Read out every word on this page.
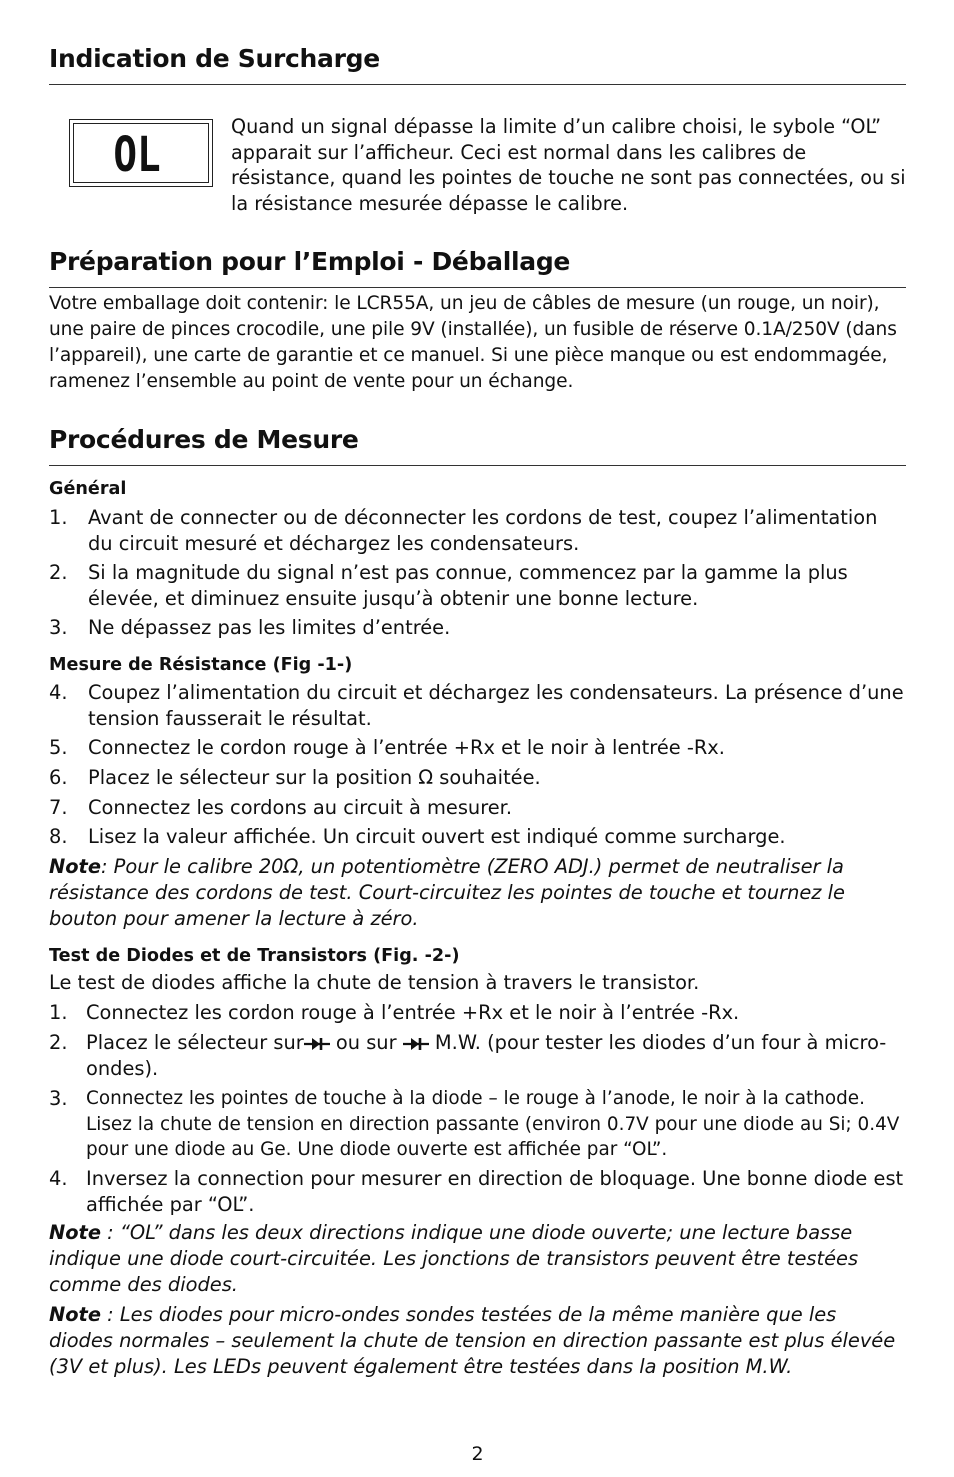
Indication de Surcharge
OL
Quand un signal dépasse la limite d’un calibre choisi, le sybole “OL” apparait sur l’afficheur. Ceci est normal dans les calibres de résistance, quand les pointes de touche ne sont pas connectées, ou si la résistance mesurée dépasse le calibre.
Préparation pour l’Emploi - Déballage
Votre emballage doit contenir: le LCR55A, un jeu de câbles de mesure (un rouge, un noir), une paire de pinces crocodile, une pile 9V (installée), un fusible de réserve 0.1A/250V (dans l’appareil), une carte de garantie et ce manuel. Si une pièce manque ou est endommagée, ramenez l’ensemble au point de vente pour un échange.
Procédures de Mesure
Général
1. Avant de connecter ou de déconnecter les cordons de test, coupez l’alimentation du circuit mesuré et déchargez les condensateurs.
2. Si la magnitude du signal n’est pas connue, commencez par la gamme la plus élevée, et diminuez ensuite jusqu’à obtenir une bonne lecture.
3. Ne dépassez pas les limites d’entrée.
Mesure de Résistance (Fig -1-)
4. Coupez l’alimentation du circuit et déchargez les condensateurs. La présence d’une tension fausserait le résultat.
5. Connectez le cordon rouge à l’entrée +Rx et le noir à lentrée -Rx.
6. Placez le sélecteur sur la position Ω souhaitée.
7. Connectez les cordons au circuit à mesurer.
8. Lisez la valeur affichée. Un circuit ouvert est indiqué comme surcharge.
Note: Pour le calibre 20Ω, un potentiomètre (ZERO ADJ.) permet de neutraliser la résistance des cordons de test. Court-circuitez les pointes de touche et tournez le bouton pour amener la lecture à zéro.
Test de Diodes et de Transistors (Fig. -2-)
Le test de diodes affiche la chute de tension à travers le transistor.
1. Connectez les cordon rouge à l’entrée +Rx et le noir à l’entrée -Rx.
2. Placez le sélecteur sur ou sur M.W. (pour tester les diodes d’un four à micro-ondes).
3. Connectez les pointes de touche à la diode – le rouge à l’anode, le noir à la cathode. Lisez la chute de tension en direction passante (environ 0.7V pour une diode au Si; 0.4V pour une diode au Ge. Une diode ouverte est affichée par “OL”.
4. Inversez la connection pour mesurer en direction de bloquage. Une bonne diode est affichée par “OL”.
Note : “OL” dans les deux directions indique une diode ouverte; une lecture basse indique une diode court-circuitée. Les jonctions de transistors peuvent être testées comme des diodes.
Note : Les diodes pour micro-ondes sondes testées de la même manière que les diodes normales – seulement la chute de tension en direction passante est plus élevée (3V et plus). Les LEDs peuvent également être testées dans la position M.W.
2
